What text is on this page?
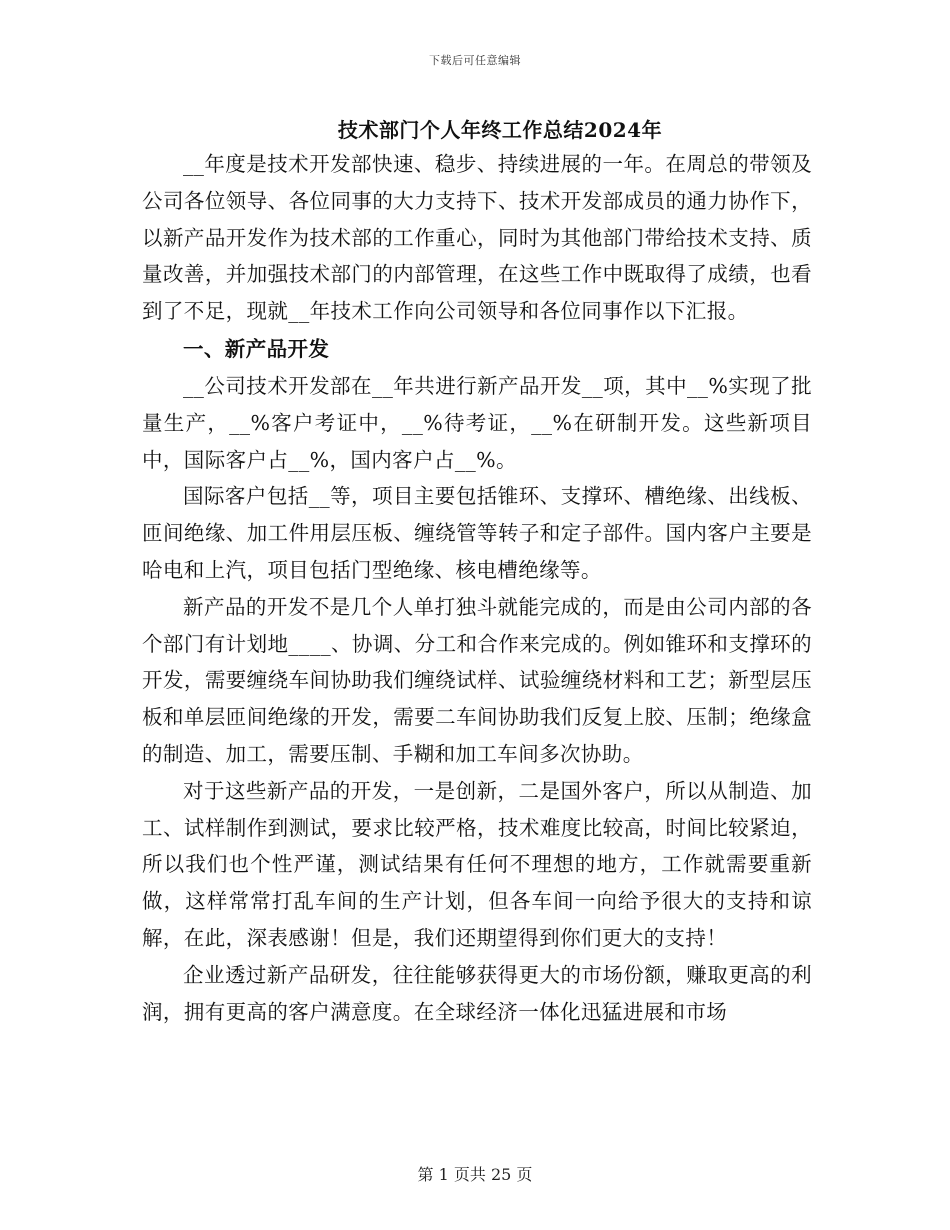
下载后可任意编辑
技术部门个人年终工作总结2024年

__年度是技术开发部快速、稳步、持续进展的一年。在周总的带领及公司各位领导、各位同事的大力支持下、技术开发部成员的通力协作下，以新产品开发作为技术部的工作重心，同时为其他部门带给技术支持、质量改善，并加强技术部门的内部管理，在这些工作中既取得了成绩，也看到了不足，现就__年技术工作向公司领导和各位同事作以下汇报。

一、新产品开发

__公司技术开发部在__年共进行新产品开发__项，其中__%实现了批量生产，__%客户考证中，__%待考证，__%在研制开发。这些新项目中，国际客户占__%，国内客户占__%。

国际客户包括__等，项目主要包括锥环、支撑环、槽绝缘、出线板、匝间绝缘、加工件用层压板、缠绕管等转子和定子部件。国内客户主要是哈电和上汽，项目包括门型绝缘、核电槽绝缘等。

新产品的开发不是几个人单打独斗就能完成的，而是由公司内部的各个部门有计划地____、协调、分工和合作来完成的。例如锥环和支撑环的开发，需要缠绕车间协助我们缠绕试样、试验缠绕材料和工艺；新型层压板和单层匝间绝缘的开发，需要二车间协助我们反复上胶、压制；绝缘盒的制造、加工，需要压制、手糊和加工车间多次协助。

对于这些新产品的开发，一是创新，二是国外客户，所以从制造、加工、试样制作到测试，要求比较严格，技术难度比较高，时间比较紧迫，所以我们也个性严谨，测试结果有任何不理想的地方，工作就需要重新做，这样常常打乱车间的生产计划，但各车间一向给予很大的支持和谅解，在此，深表感谢！但是，我们还期望得到你们更大的支持！

企业透过新产品研发，往往能够获得更大的市场份额，赚取更高的利润，拥有更高的客户满意度。在全球经济一体化迅猛进展和市场

第 1 页共 25 页
